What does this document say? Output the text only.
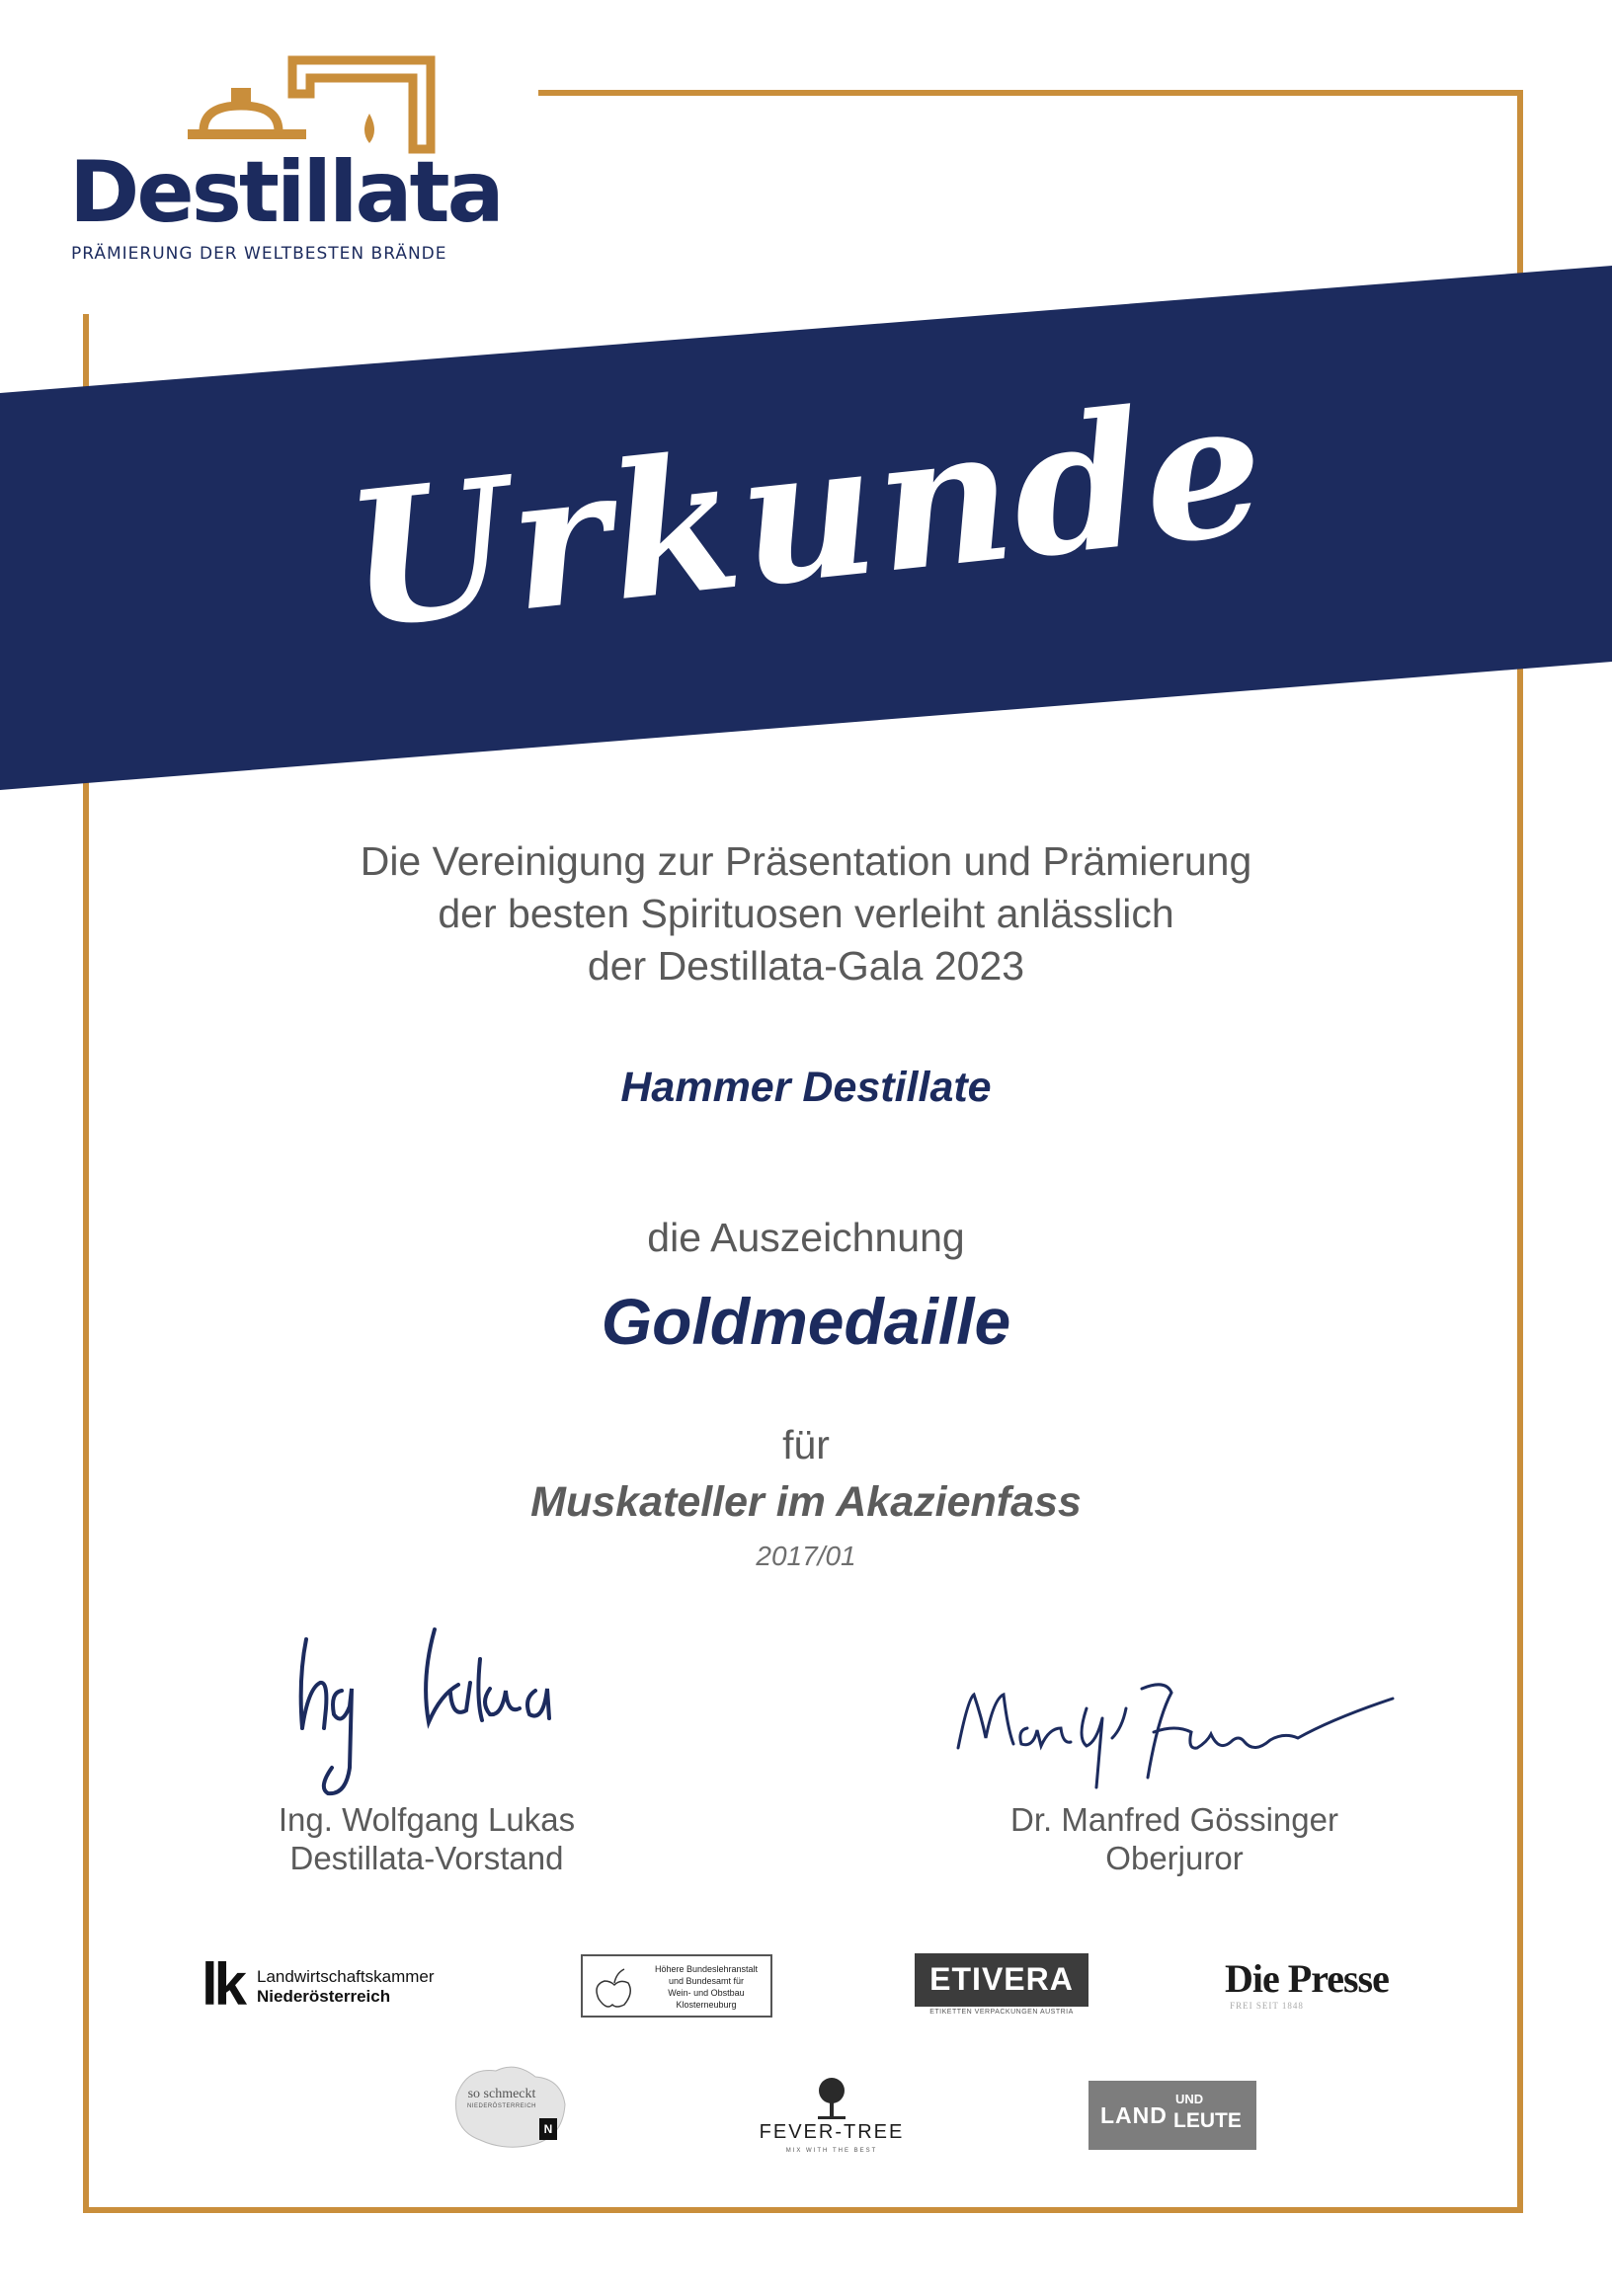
Destillata

PRÄMIERUNG DER WELTBESTEN BRÄNDE

Urkunde

Die Vereinigung zur Präsentation und Prämierung
der besten Spirituosen verleiht anlässlich
der Destillata-Gala 2023

Hammer Destillate

die Auszeichnung

Goldmedaille

für

Muskateller im Akazienfass

2017/01

Ing. Wolfgang Lukas
Destillata-Vorstand

Dr. Manfred Gössinger
Oberjuror

lk Landwirtschaftskammer
Niederösterreich
Höhere Bundeslehranstalt
und Bundesamt für
Wein- und Obstbau
Klosterneuburg
ETIVERA
ETIKETTEN VERPACKUNGEN AUSTRIA
Die Presse
FREI SEIT 1848
so schmeckt
NIEDERÖSTERREICH
N	FEVER-TREE
MIX WITH THE BEST
LAND
UND
LEUTE
